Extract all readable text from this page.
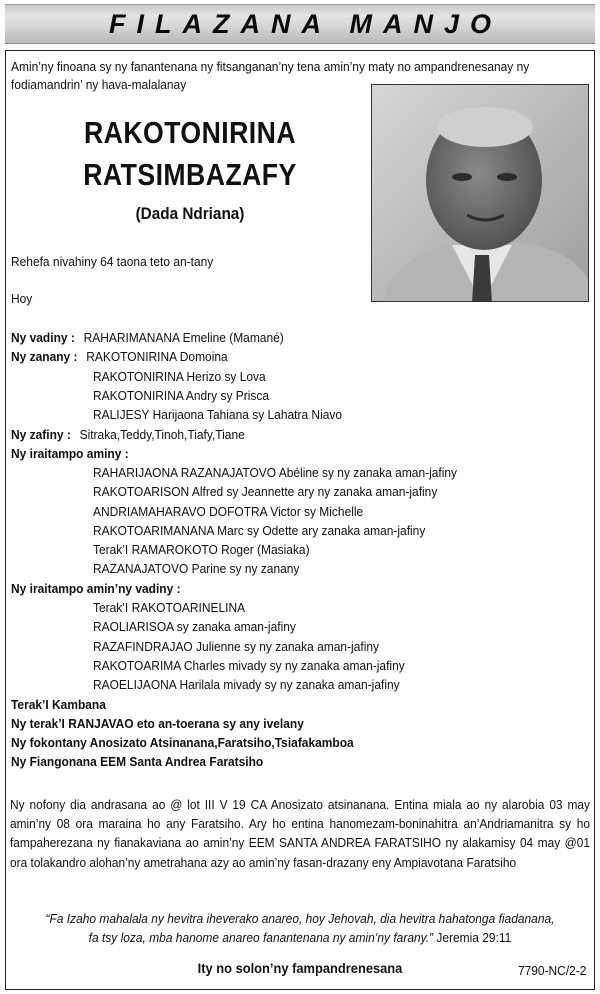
FILAZANA MANJO
Amin’ny finoana sy ny fanantenana ny fitsanganan’ny tena amin’ny maty no ampandrenesanay ny fodiamandrin’ ny hava-malalanay
RAKOTONIRINA
RATSIMBAZAFY
(Dada Ndriana)
Rehefa nivahiny 64 taona teto an-tany
Hoy
Ny vadiny : RAHARIMANANA Emeline (Mamané)
Ny zanany : RAKOTONIRINA Domoina
RAKOTONIRINA Herizo sy Lova
RAKOTONIRINA Andry sy Prisca
RALIJESY Harijaona Tahiana sy Lahatra Niavo
Ny zafiny : Sitraka,Teddy,Tinoh,Tiafy,Tiane
Ny iraitampo aminy :
RAHARIJAONA RAZANAJATOVO Abéline sy ny zanaka aman-jafiny
RAKOTOARISON Alfred sy Jeannette ary ny zanaka aman-jafiny
ANDRIAMAHARAVO DOFOTRA Victor sy Michelle
RAKOTOARIMANANA Marc sy Odette ary zanaka aman-jafiny
Terak’I RAMAROKOTO Roger (Masiaka)
RAZANAJATOVO Parine sy ny zanany
Ny iraitampo amin’ny vadiny :
Terak’I RAKOTOARINELINA
RAOLIARISOA sy zanaka aman-jafiny
RAZAFINDRAJAO Julienne sy ny zanaka aman-jafiny
RAKOTOARIMA Charles mivady sy ny zanaka aman-jafiny
RAOELIJAONA Harilala mivady sy ny zanaka aman-jafiny
Terak’I Kambana
Ny terak’I RANJAVAO eto an-toerana sy any ivelany
Ny fokontany Anosizato Atsinanana,Faratsiho,Tsiafakamboa
Ny Fiangonana EEM Santa Andrea Faratsiho
Ny nofony dia andrasana ao @ lot III V 19 CA Anosizato atsinanana. Entina miala ao ny alarobia 03 may amin’ny 08 ora maraina ho any Faratsiho. Ary ho entina hanomezam-boninahitra an’Andriamanitra sy ho fampaherezana ny fianakaviana ao amin’ny EEM SANTA ANDREA FARATSIHO ny alakamisy 04 may @01 ora tolakandro alohan’ny ametrahana azy ao amin’ny fasan-drazany eny Ampiavotana Faratsiho
“Fa Izaho mahalala ny hevitra iheverako anareo, hoy Jehovah, dia hevitra hahatonga fiadanana,
fa tsy loza, mba hanome anareo fanantenana ny amin’ny farany.” Jeremia 29:11
Ity no solon’ny fampandrenesana	7790-NC/2-2
